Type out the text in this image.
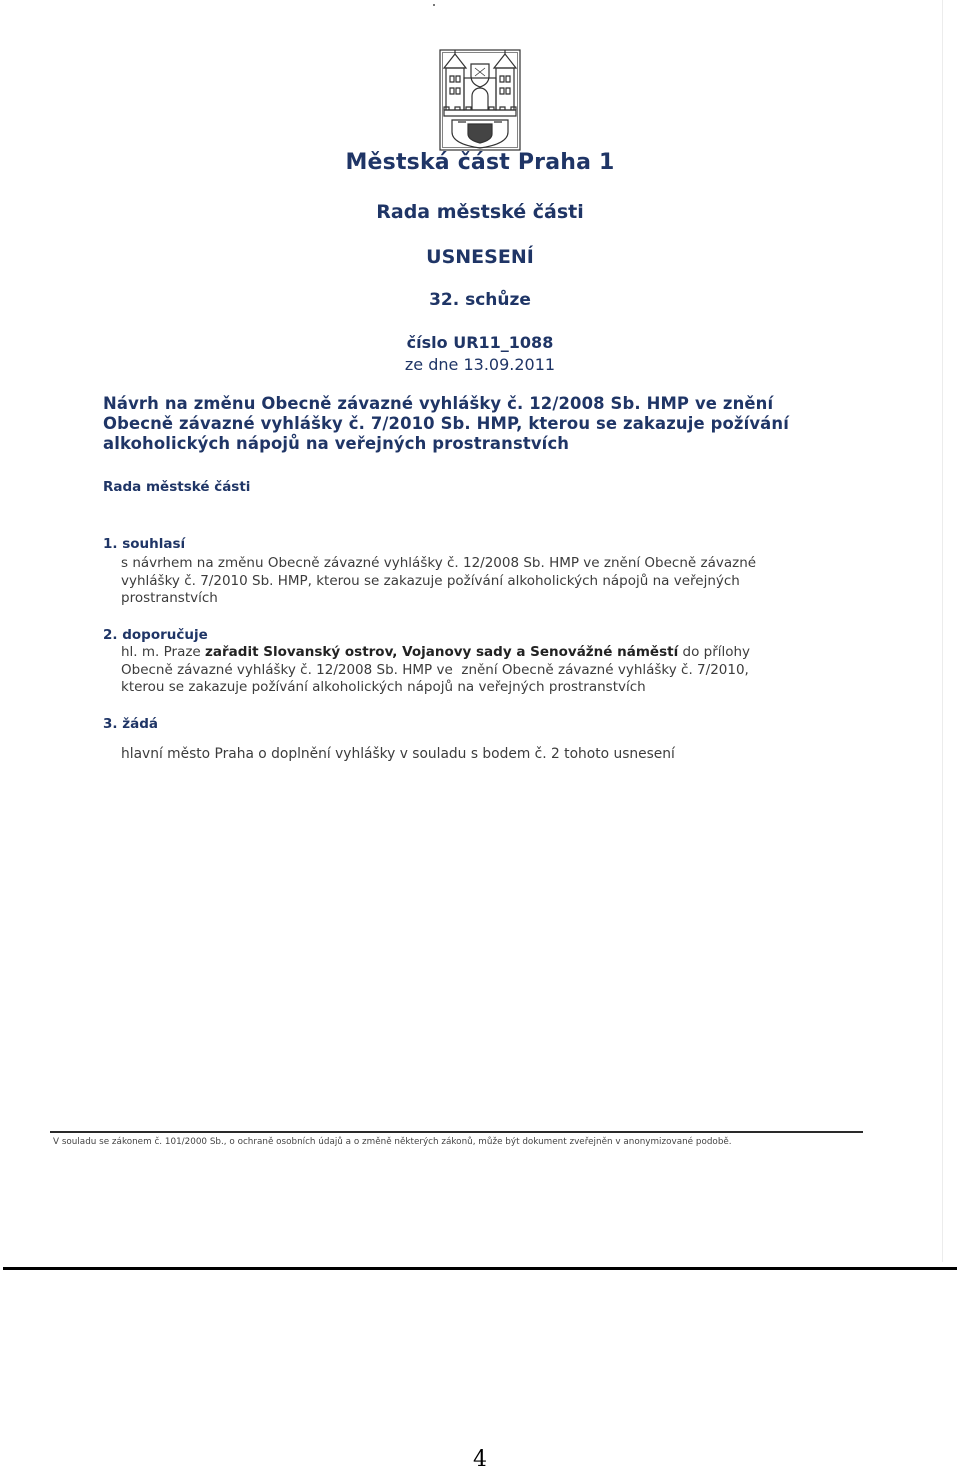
Městská část Praha 1
Rada městské části
USNESENÍ
32. schůze
číslo UR11_1088
ze dne 13.09.2011
Návrh na změnu Obecně závazné vyhlášky č. 12/2008 Sb. HMP ve znění
Obecně závazné vyhlášky č. 7/2010 Sb. HMP, kterou se zakazuje požívání
alkoholických nápojů na veřejných prostranstvích
Rada městské části
1. souhlasí
s návrhem na změnu Obecně závazné vyhlášky č. 12/2008 Sb. HMP ve znění Obecně závazné
vyhlášky č. 7/2010 Sb. HMP, kterou se zakazuje požívání alkoholických nápojů na veřejných
prostranstvích
2. doporučuje
hl. m. Praze zařadit Slovanský ostrov, Vojanovy sady a Senovážné náměstí do přílohy
Obecně závazné vyhlášky č. 12/2008 Sb. HMP ve  znění Obecně závazné vyhlášky č. 7/2010,
kterou se zakazuje požívání alkoholických nápojů na veřejných prostranstvích
3. žádá
hlavní město Praha o doplnění vyhlášky v souladu s bodem č. 2 tohoto usnesení
V souladu se zákonem č. 101/2000 Sb., o ochraně osobních údajů a o změně některých zákonů, může být dokument zveřejněn v anonymizované podobě.
4
